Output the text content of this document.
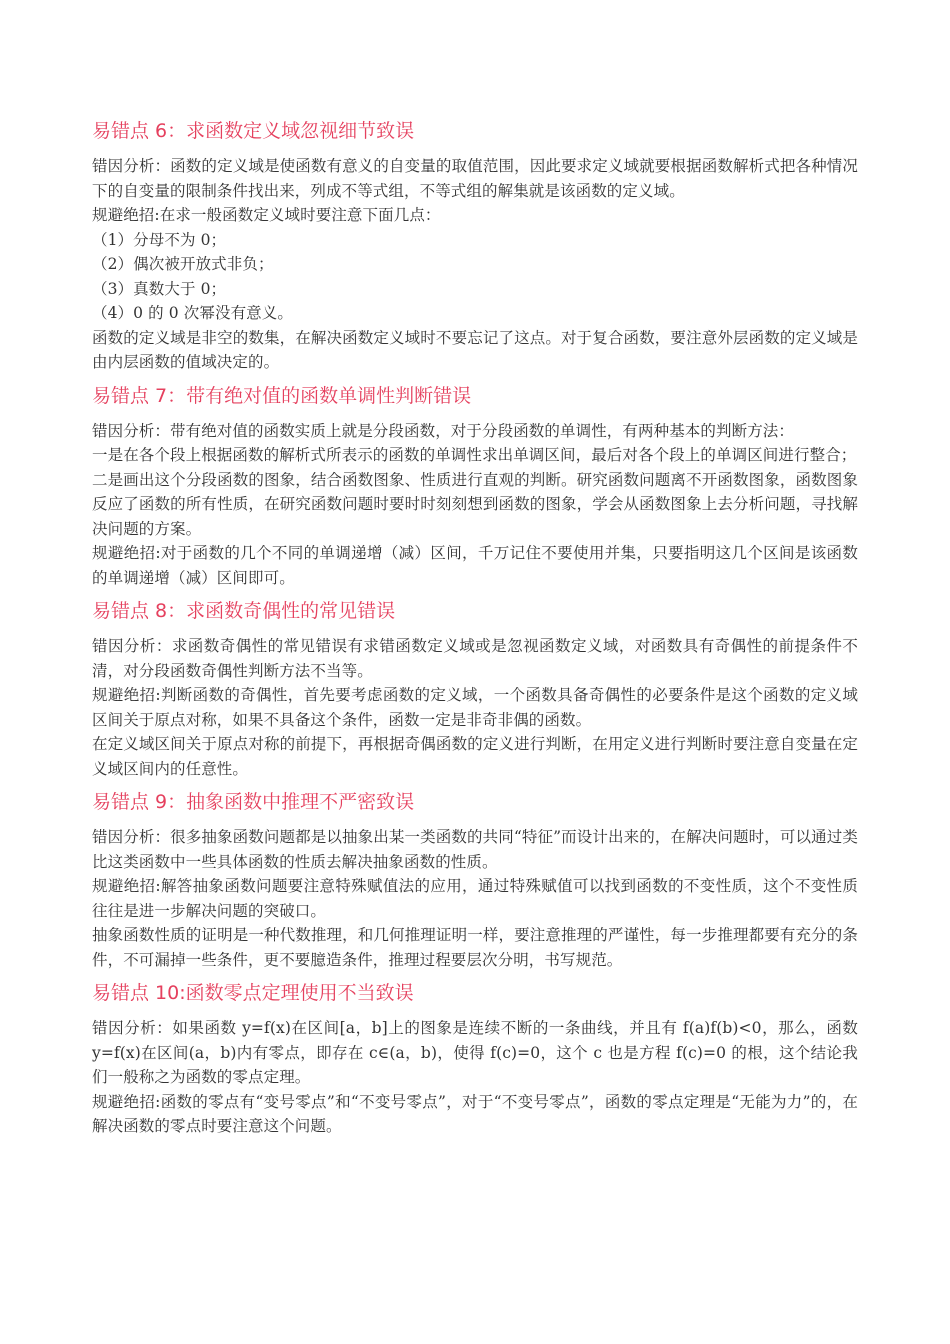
易错点 6：求函数定义域忽视细节致误

错因分析：函数的定义域是使函数有意义的自变量的取值范围，因此要求定义域就要根据函数解析式把各种情况下的自变量的限制条件找出来，列成不等式组，不等式组的解集就是该函数的定义域。

规避绝招:在求一般函数定义域时要注意下面几点：

（1）分母不为 0；

（2）偶次被开放式非负；

（3）真数大于 0；

（4）0 的 0 次幂没有意义。

函数的定义域是非空的数集，在解决函数定义域时不要忘记了这点。对于复合函数，要注意外层函数的定义域是由内层函数的值域决定的。

易错点 7：带有绝对值的函数单调性判断错误

错因分析：带有绝对值的函数实质上就是分段函数，对于分段函数的单调性，有两种基本的判断方法：

一是在各个段上根据函数的解析式所表示的函数的单调性求出单调区间，最后对各个段上的单调区间进行整合；

二是画出这个分段函数的图象，结合函数图象、性质进行直观的判断。研究函数问题离不开函数图象，函数图象反应了函数的所有性质，在研究函数问题时要时时刻刻想到函数的图象，学会从函数图象上去分析问题，寻找解决问题的方案。

规避绝招:对于函数的几个不同的单调递增（减）区间，千万记住不要使用并集，只要指明这几个区间是该函数的单调递增（减）区间即可。

易错点 8：求函数奇偶性的常见错误

错因分析：求函数奇偶性的常见错误有求错函数定义域或是忽视函数定义域，对函数具有奇偶性的前提条件不清，对分段函数奇偶性判断方法不当等。

规避绝招:判断函数的奇偶性，首先要考虑函数的定义域，一个函数具备奇偶性的必要条件是这个函数的定义域区间关于原点对称，如果不具备这个条件，函数一定是非奇非偶的函数。

在定义域区间关于原点对称的前提下，再根据奇偶函数的定义进行判断，在用定义进行判断时要注意自变量在定义域区间内的任意性。

易错点 9：抽象函数中推理不严密致误

错因分析：很多抽象函数问题都是以抽象出某一类函数的共同“特征”而设计出来的，在解决问题时，可以通过类比这类函数中一些具体函数的性质去解决抽象函数的性质。

规避绝招:解答抽象函数问题要注意特殊赋值法的应用，通过特殊赋值可以找到函数的不变性质，这个不变性质往往是进一步解决问题的突破口。

抽象函数性质的证明是一种代数推理，和几何推理证明一样，要注意推理的严谨性，每一步推理都要有充分的条件，不可漏掉一些条件，更不要臆造条件，推理过程要层次分明，书写规范。

易错点 10:函数零点定理使用不当致误

错因分析：如果函数 y=f(x)在区间[a，b]上的图象是连续不断的一条曲线，并且有 f(a)f(b)<0，那么，函数 y=f(x)在区间(a，b)内有零点，即存在 c∈(a，b)，使得 f(c)=0，这个 c 也是方程 f(c)=0 的根，这个结论我们一般称之为函数的零点定理。

规避绝招:函数的零点有“变号零点”和“不变号零点”，对于“不变号零点”，函数的零点定理是“无能为力”的，在解决函数的零点时要注意这个问题。
